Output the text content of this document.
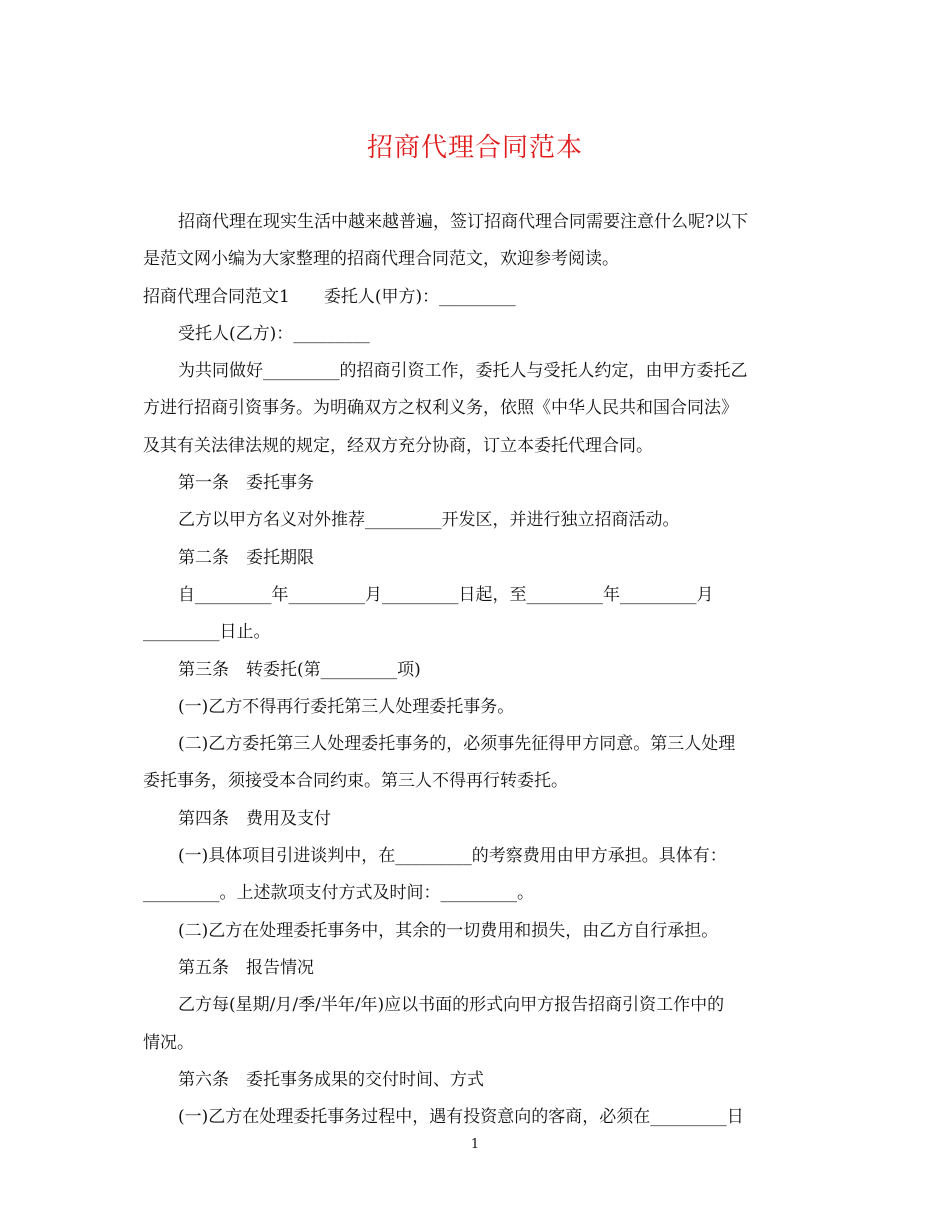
招商代理合同范本

招商代理在现实生活中越来越普遍，签订招商代理合同需要注意什么呢?以下

是范文网小编为大家整理的招商代理合同范文，欢迎参考阅读。

招商代理合同范文1 委托人(甲方)：_________

受托人(乙方)：_________

为共同做好_________的招商引资工作，委托人与受托人约定，由甲方委托乙

方进行招商引资事务。为明确双方之权利义务，依照《中华人民共和国合同法》

及其有关法律法规的规定，经双方充分协商，订立本委托代理合同。

第一条　委托事务

乙方以甲方名义对外推荐_________开发区，并进行独立招商活动。

第二条　委托期限

自_________年_________月_________日起，至_________年_________月

_________日止。

第三条　转委托(第_________项)

(一)乙方不得再行委托第三人处理委托事务。

(二)乙方委托第三人处理委托事务的，必须事先征得甲方同意。第三人处理

委托事务，须接受本合同约束。第三人不得再行转委托。

第四条　费用及支付

(一)具体项目引进谈判中，在_________的考察费用由甲方承担。具体有：

_________。上述款项支付方式及时间：_________。

(二)乙方在处理委托事务中，其余的一切费用和损失，由乙方自行承担。

第五条　报告情况

乙方每(星期/月/季/半年/年)应以书面的形式向甲方报告招商引资工作中的

情况。

第六条　委托事务成果的交付时间、方式

(一)乙方在处理委托事务过程中，遇有投资意向的客商，必须在_________日

1
